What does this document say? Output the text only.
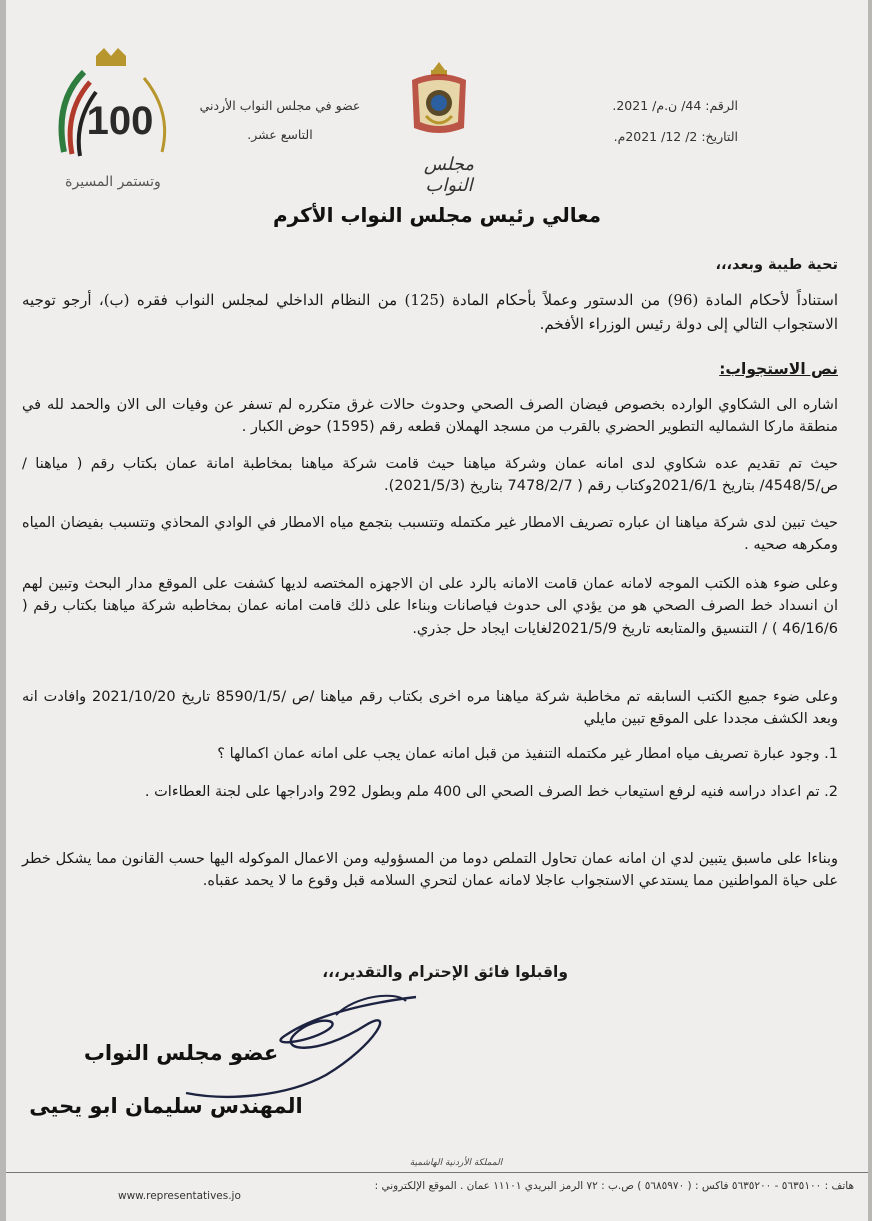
الرقم: 44/ ن.م/ 2021.
التاريخ: 2/ 12/ 2021م.
مجلس النواب
عضو في مجلس النواب الأردني
التاسع عشر.
100
وتستمر المسيرة
معالي رئيس مجلس النواب الأكرم
تحية طيبة وبعد،،،
استناداً لأحكام المادة (96) من الدستور وعملاً بأحكام المادة (125) من النظام الداخلي لمجلس النواب فقره (ب)، أرجو توجيه الاستجواب التالي إلى دولة رئيس الوزراء الأفخم.
نص الاستجواب:
اشاره الى الشكاوي الوارده بخصوص فيضان الصرف الصحي وحدوث حالات غرق متكرره لم تسفر عن وفيات الى الان والحمد لله في منطقة ماركا الشماليه التطوير الحضري بالقرب من مسجد الهملان قطعه رقم (1595) حوض الكبار .
حيث تم تقديم عده شكاوي لدى امانه عمان وشركة مياهنا حيث قامت شركة مياهنا بمخاطبة امانة عمان بكتاب رقم ( مياهنا / ص/4548/5/ بتاريخ 2021/6/1وكتاب رقم ( 7478/2/7 بتاريخ (2021/5/3).
حيث تبين لدى شركة مياهنا ان عباره تصريف الامطار غير مكتمله وتتسبب بتجمع مياه الامطار في الوادي المحاذي وتتسبب بفيضان المياه ومكرهه صحيه .
وعلى ضوء هذه الكتب الموجه لامانه عمان قامت الامانه بالرد على ان الاجهزه المختصه لديها كشفت على الموقع مدار البحث وتبين لهم ان انسداد خط الصرف الصحي هو من يؤدي الى حدوث فياصانات وبناءا على ذلك قامت امانه عمان بمخاطبه شركة مياهنا بكتاب رقم ( 46/16/6 ) / التنسيق والمتابعه تاريخ 2021/5/9لغايات ايجاد حل جذري.
وعلى ضوء جميع الكتب السابقه تم مخاطبة شركة مياهنا مره اخرى بكتاب رقم مياهنا /ص /8590/1/5 تاريخ 2021/10/20 وافادت انه وبعد الكشف مجددا على الموقع تبين مايلي
1. وجود عبارة تصريف مياه امطار غير مكتمله التنفيذ من قبل امانه عمان يجب على امانه عمان اكمالها ؟
2. تم اعداد دراسه فنيه لرفع استيعاب خط الصرف الصحي الى 400 ملم وبطول 292 وادراجها على لجنة العطاءات .
وبناءا على ماسبق يتبين لدي ان امانه عمان تحاول التملص دوما من المسؤوليه ومن الاعمال الموكوله اليها حسب القانون مما يشكل خطر على حياة المواطنين مما يستدعي الاستجواب عاجلا لامانه عمان لتحري السلامه قبل وقوع ما لا يحمد عقباه.
واقبلوا فائق الإحترام والتقدير،،،
عضو مجلس النواب
المهندس سليمان ابو يحيى
المملكة الأردنية الهاشمية
هاتف : ٥٦٣٥١٠٠ - ٥٦٣٥٢٠٠ فاكس : ( ٥٦٨٥٩٧٠ ) ص.ب : ٧٢ الرمز البريدي ١١١٠١ عمان . الموقع الإلكتروني :
www.representatives.jo
